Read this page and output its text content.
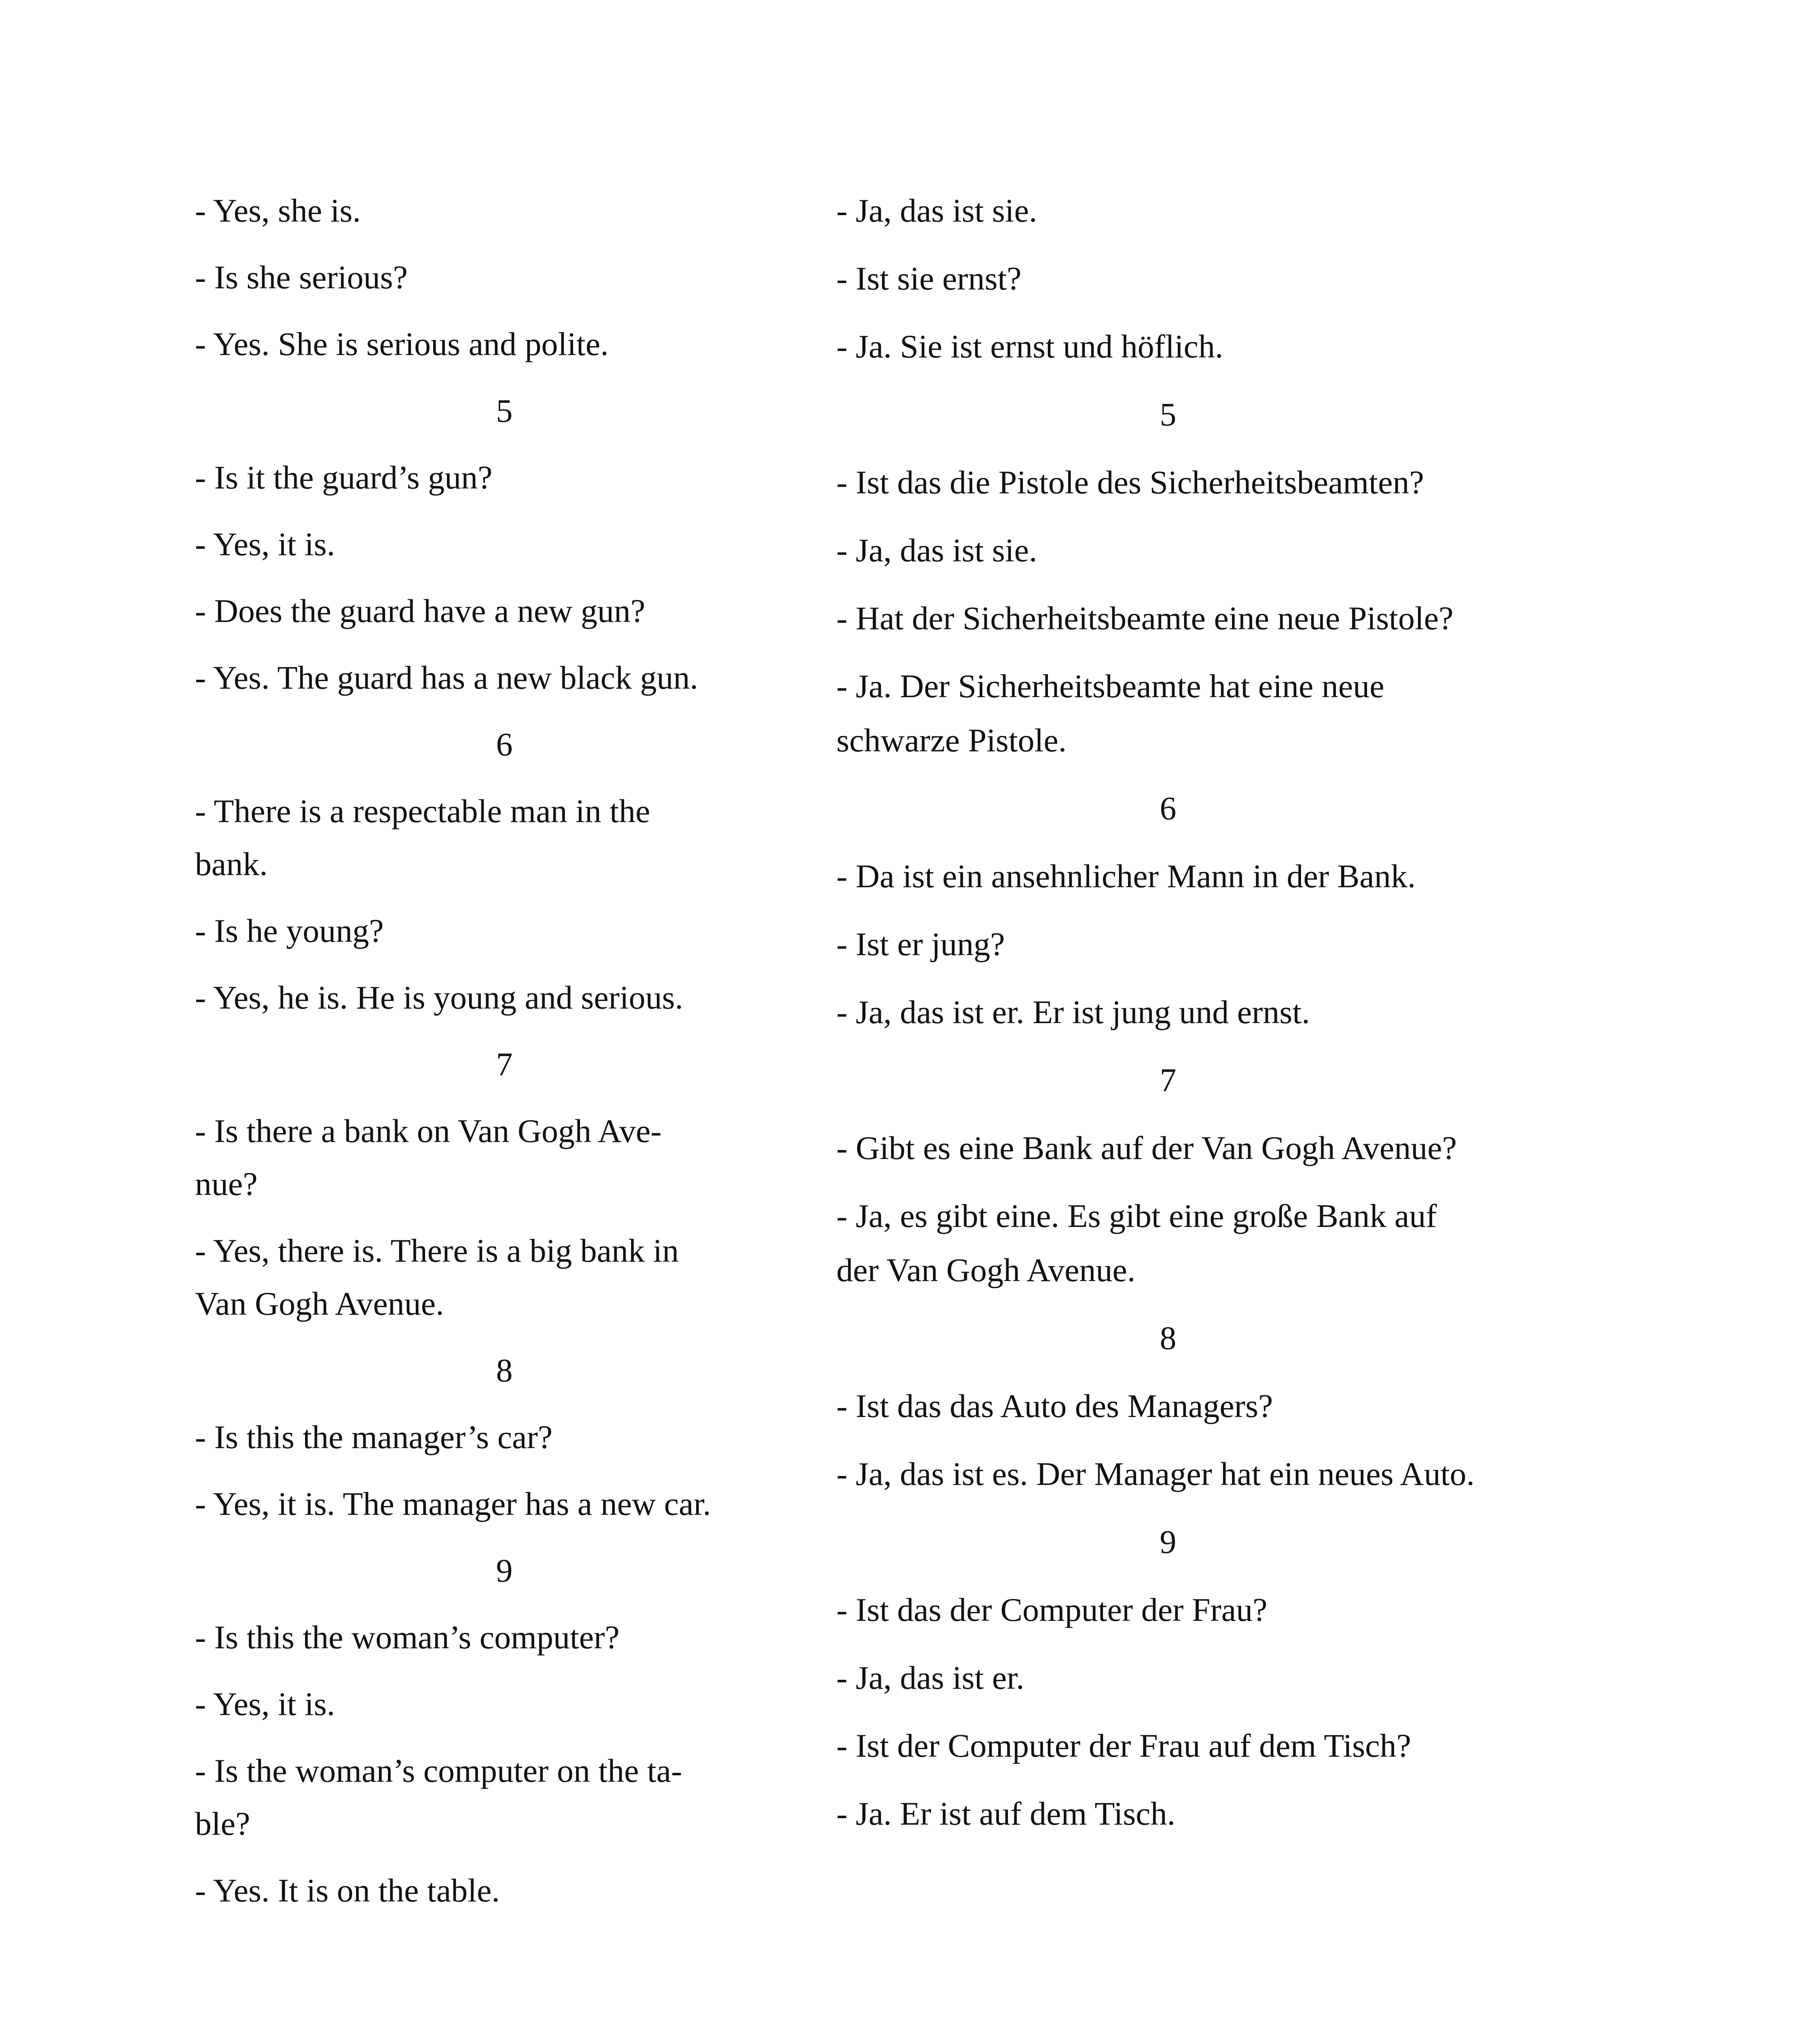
- Yes, she is.

- Is she serious?

- Yes. She is serious and polite.

5

- Is it the guard’s gun?

- Yes, it is.

- Does the guard have a new gun?

- Yes. The guard has a new black gun.

6

- There is a respectable man in the

bank.

- Is he young?

- Yes, he is. He is young and serious.

7

- Is there a bank on Van Gogh Ave-

nue?

- Yes, there is. There is a big bank in

Van Gogh Avenue.

8

- Is this the manager’s car?

- Yes, it is. The manager has a new car.

9

- Is this the woman’s computer?

- Yes, it is.

- Is the woman’s computer on the ta-

ble?

- Yes. It is on the table.

- Ja, das ist sie.

- Ist sie ernst?

- Ja. Sie ist ernst und höflich.

5

- Ist das die Pistole des Sicherheitsbeamten?

- Ja, das ist sie.

- Hat der Sicherheitsbeamte eine neue Pistole?

- Ja. Der Sicherheitsbeamte hat eine neue

schwarze Pistole.

6

- Da ist ein ansehnlicher Mann in der Bank.

- Ist er jung?

- Ja, das ist er. Er ist jung und ernst.

7

- Gibt es eine Bank auf der Van Gogh Avenue?

- Ja, es gibt eine. Es gibt eine große Bank auf

der Van Gogh Avenue.

8

- Ist das das Auto des Managers?

- Ja, das ist es. Der Manager hat ein neues Auto.

9

- Ist das der Computer der Frau?

- Ja, das ist er.

- Ist der Computer der Frau auf dem Tisch?

- Ja. Er ist auf dem Tisch.
